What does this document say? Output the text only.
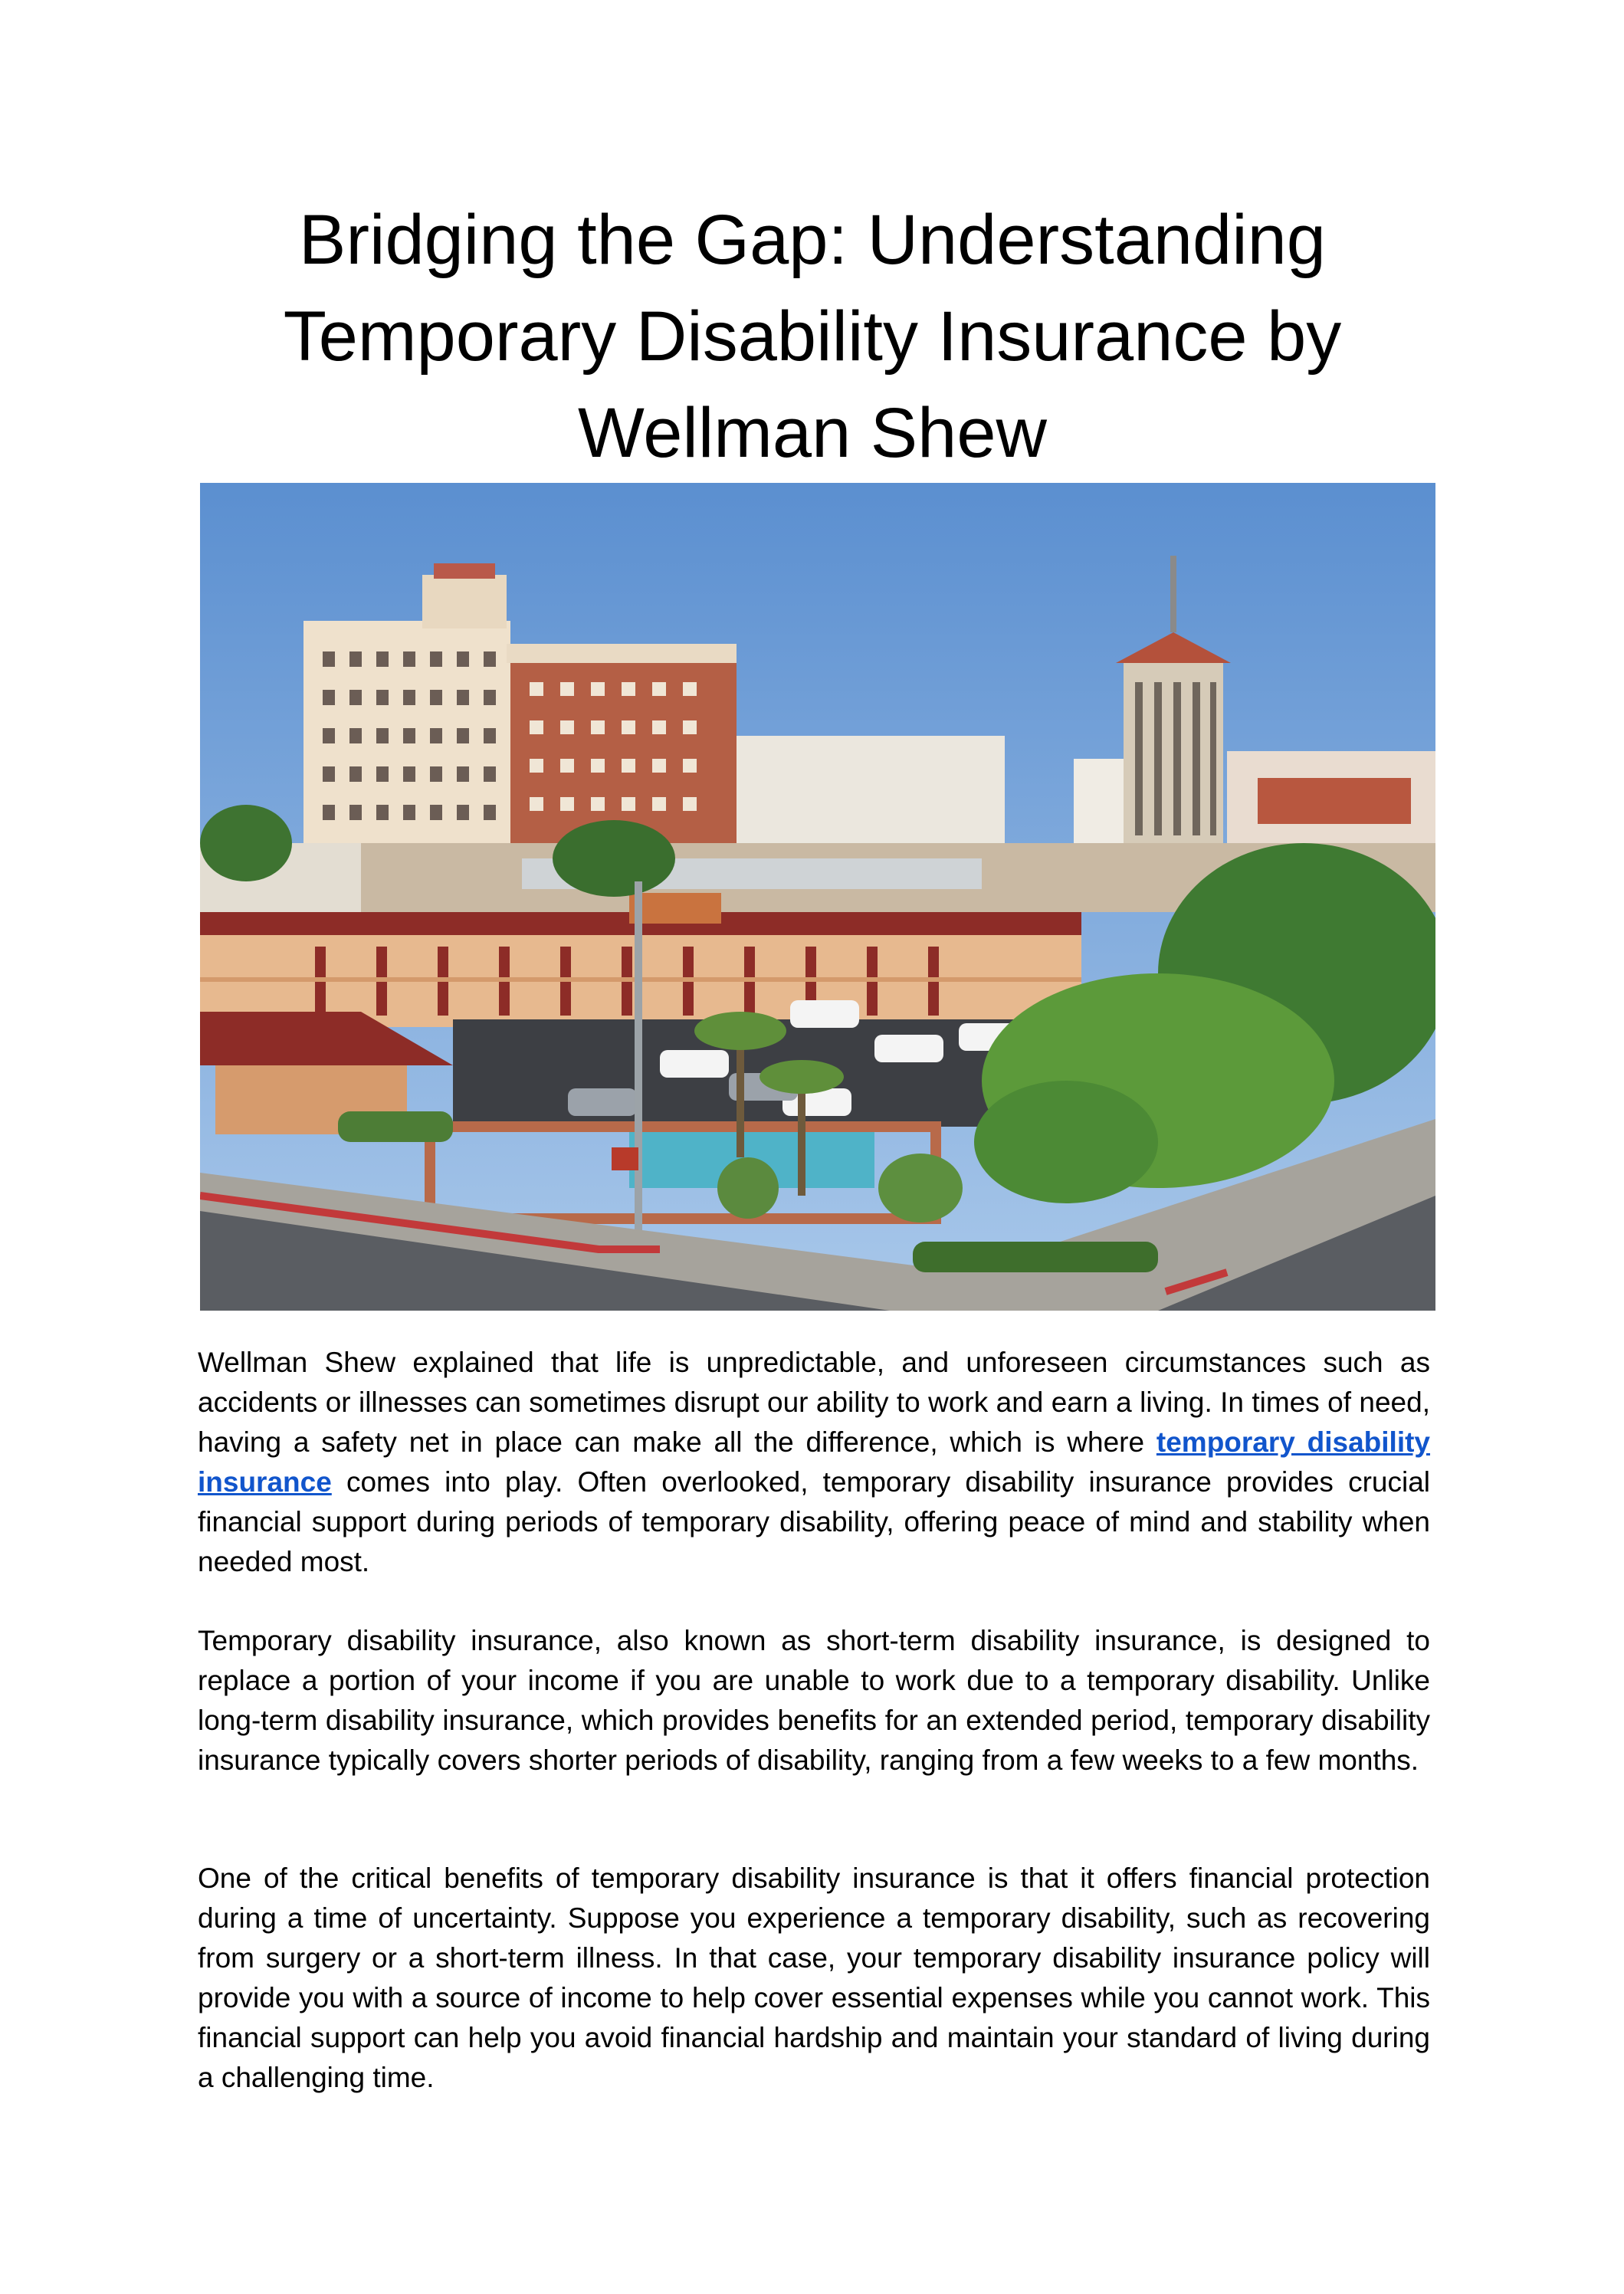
Bridging the Gap: Understanding
Temporary Disability Insurance by
Wellman Shew

Wellman Shew explained that life is unpredictable, and unforeseen circumstances such as accidents or illnesses can sometimes disrupt our ability to work and earn a living. In times of need, having a safety net in place can make all the difference, which is where temporary disability insurance comes into play. Often overlooked, temporary disability insurance provides crucial financial support during periods of temporary disability, offering peace of mind and stability when needed most.

Temporary disability insurance, also known as short-term disability insurance, is designed to replace a portion of your income if you are unable to work due to a temporary disability. Unlike long-term disability insurance, which provides benefits for an extended period, temporary disability insurance typically covers shorter periods of disability, ranging from a few weeks to a few months.

One of the critical benefits of temporary disability insurance is that it offers financial protection during a time of uncertainty. Suppose you experience a temporary disability, such as recovering from surgery or a short-term illness. In that case, your temporary disability insurance policy will provide you with a source of income to help cover essential expenses while you cannot work. This financial support can help you avoid financial hardship and maintain your standard of living during a challenging time.
